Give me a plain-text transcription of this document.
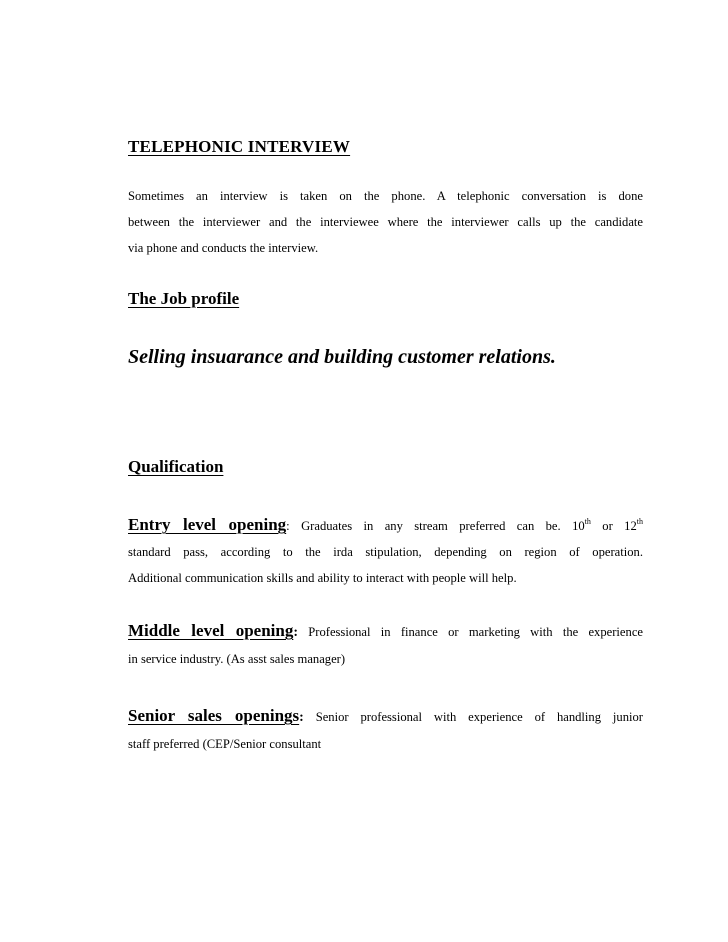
TELEPHONIC INTERVIEW
Sometimes an interview is taken on the phone. A telephonic conversation is done
between the interviewer and the interviewee where the interviewer calls up the candidate
via phone and conducts the interview.
The Job profile
Selling insuarance and building customer relations.
Qualification
Entry level opening: Graduates in any stream preferred can be. 10th or 12th
standard pass, according to the irda stipulation, depending on region of operation.
Additional communication skills and ability to interact with people will help.
Middle level opening: Professional in finance or marketing with the experience
in service industry. (As asst sales manager)
Senior sales openings: Senior professional with experience of handling junior
staff preferred (CEP/Senior consultant
